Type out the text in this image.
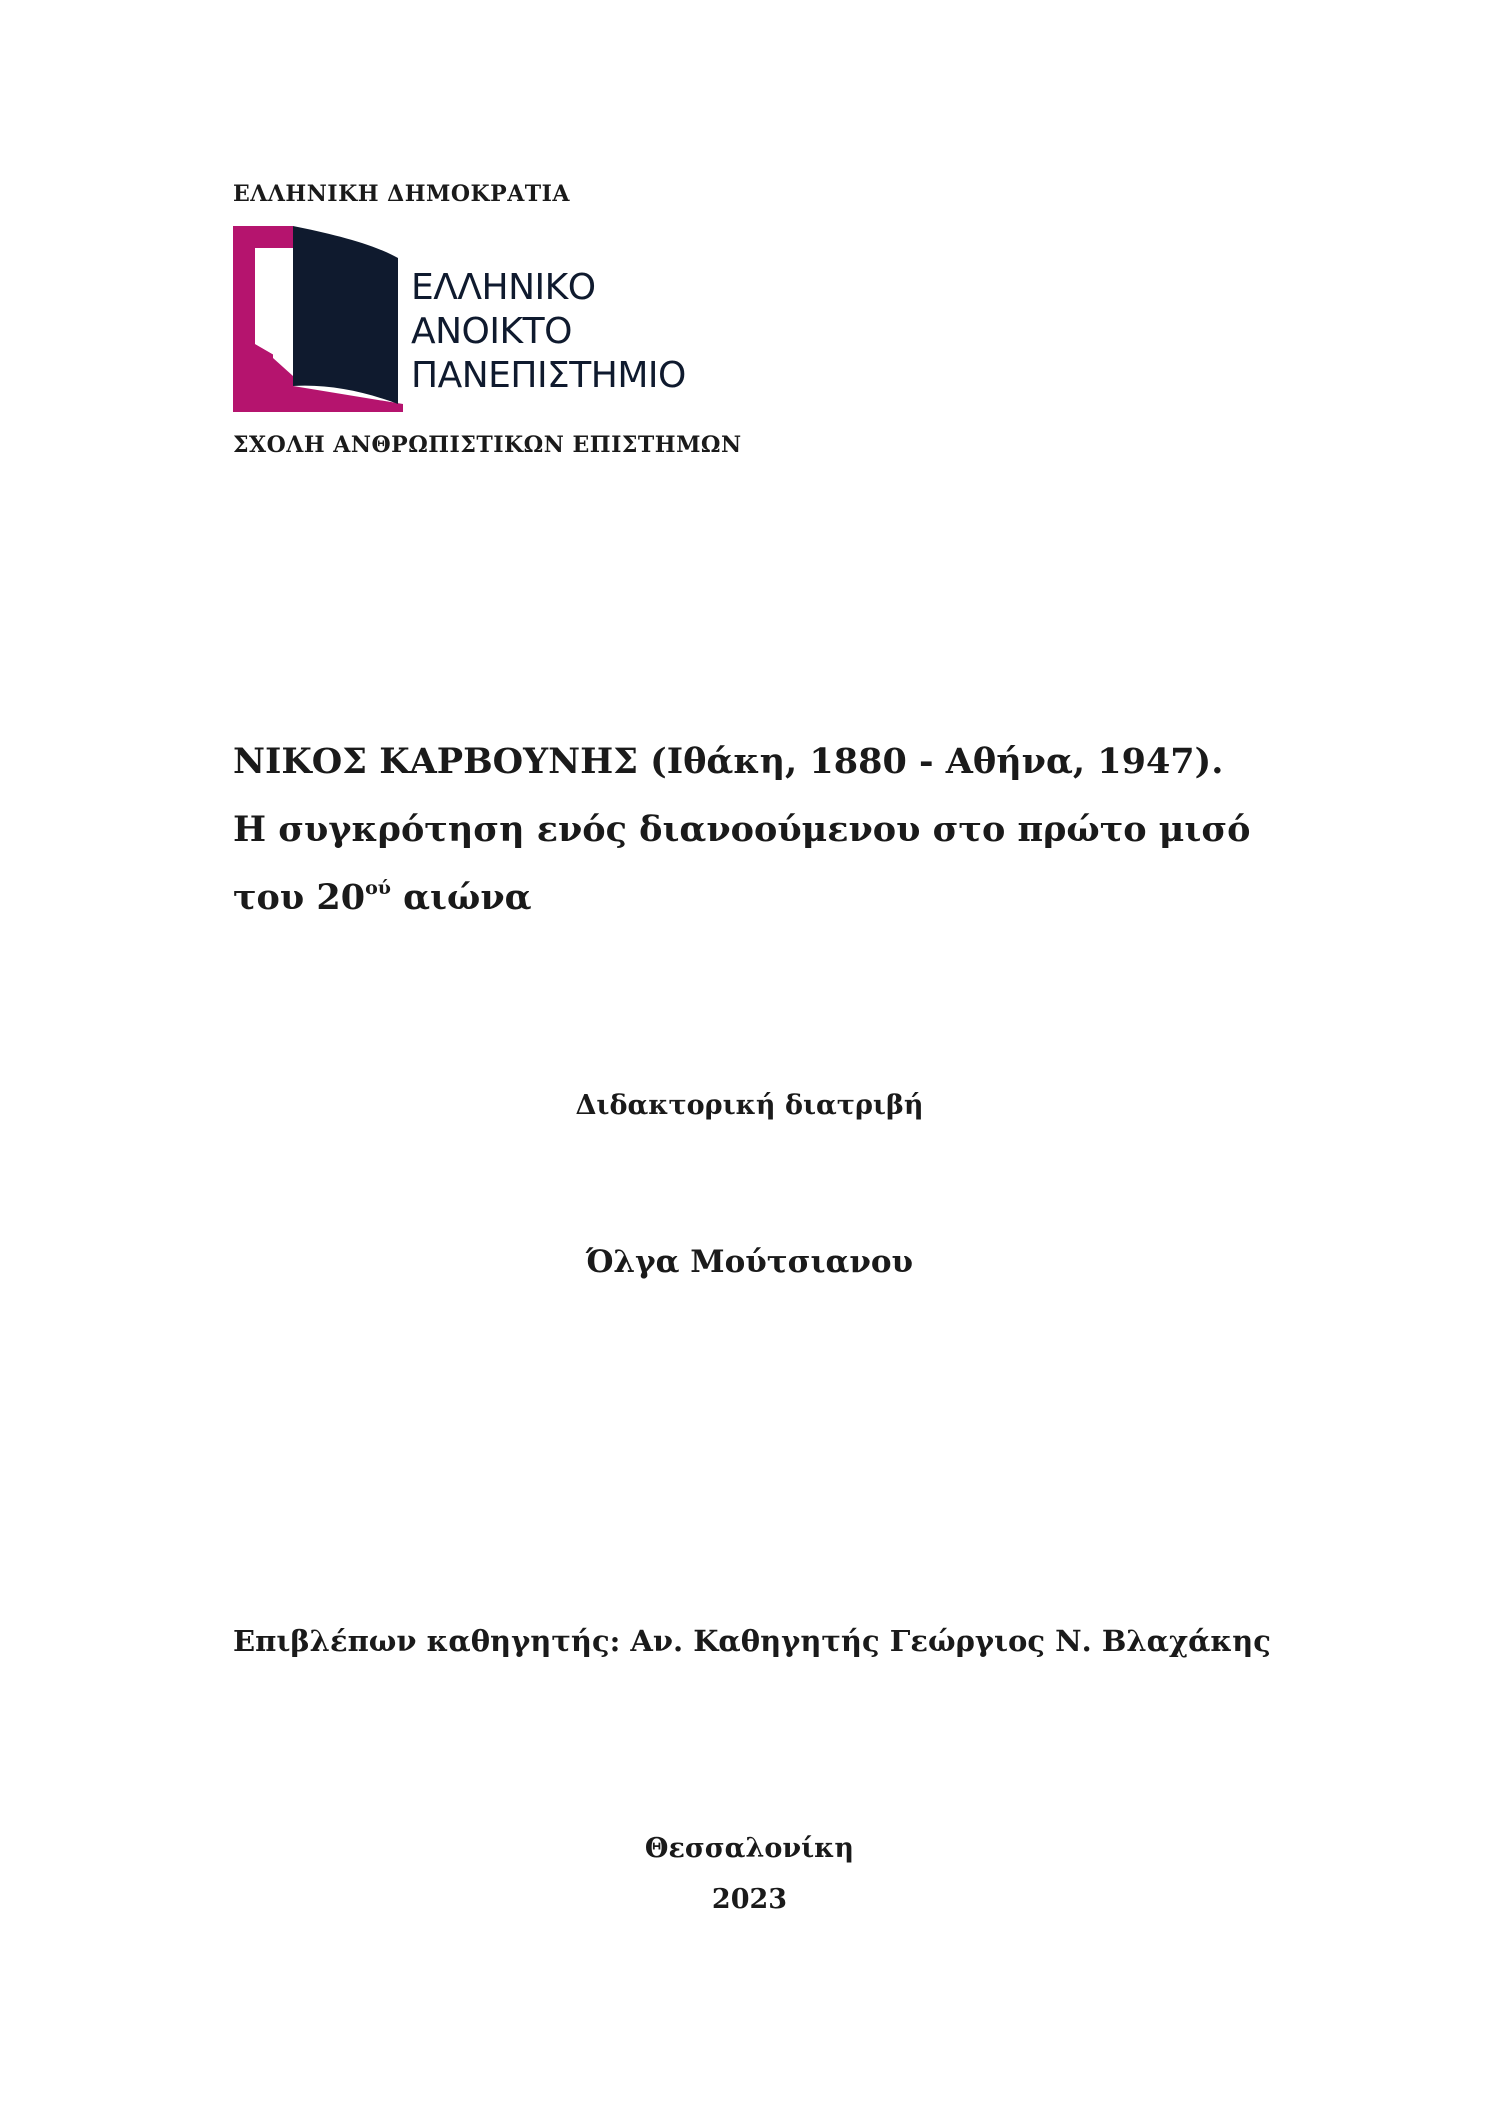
ΕΛΛΗΝΙΚΗ ΔΗΜΟΚΡΑΤΙΑ
ΕΛΛΗΝΙΚΟ
ΑΝΟΙΚΤΟ
ΠΑΝΕΠΙΣΤΗΜΙΟ
ΣΧΟΛΗ ΑΝΘΡΩΠΙΣΤΙΚΩΝ ΕΠΙΣΤΗΜΩΝ
ΝΙΚΟΣ ΚΑΡΒΟΥΝΗΣ (Ιθάκη, 1880 - Αθήνα, 1947).
Η συγκρότηση ενός διανοούμενου στο πρώτο μισό
του $20^{oύ}$ αιώνα
Διδακτορική διατριβή
Όλγα Μούτσιανου
Επιβλέπων καθηγητής: Αν. Καθηγητής Γεώργιος Ν. Βλαχάκης
Θεσσαλονίκη
2023
